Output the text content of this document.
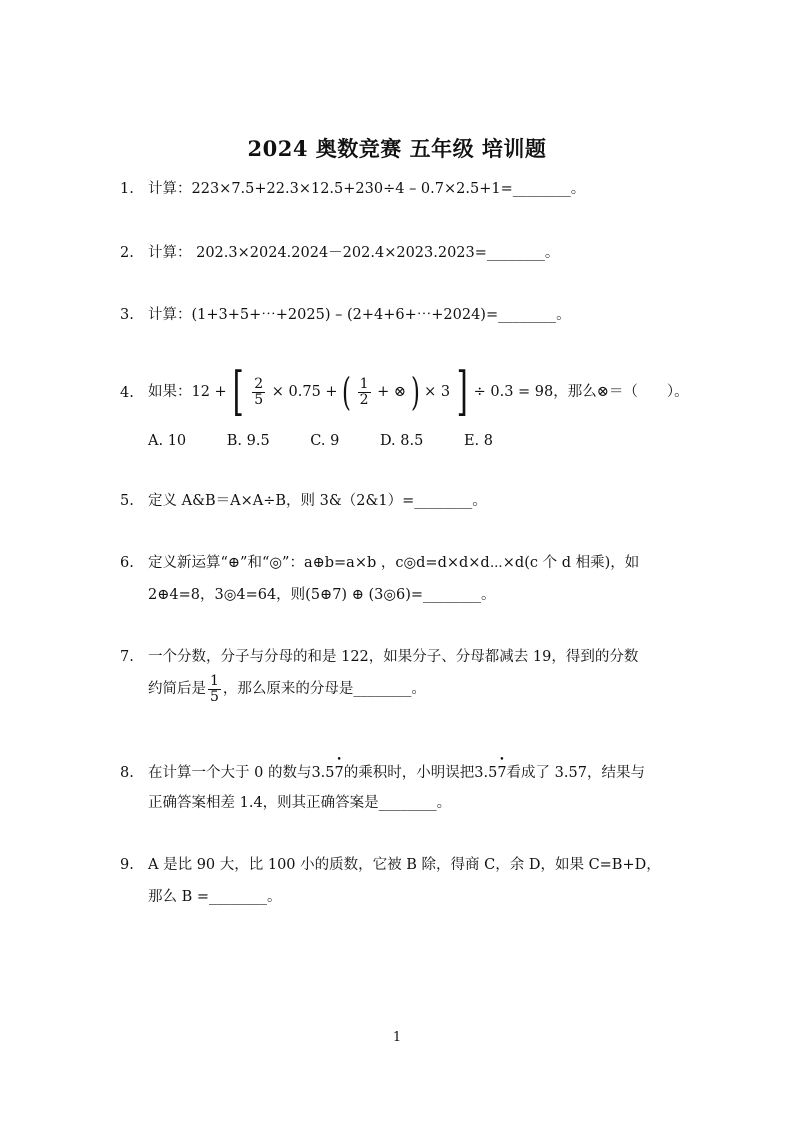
2024 奥数竞赛 五年级 培训题
1. 计算：223×7.5+22.3×12.5+230÷4 – 0.7×2.5+1=________。
2. 计算： 202.3×2024.2024－202.4×2023.2023=________。
3. 计算：(1+3+5+⋯+2025) – (2+4+6+⋯+2024)=________。
4. 如果：12 + [ $\frac{2}{5} \times 0.75$ + ( $\frac{1}{2}$ + ⊗ ) × 3 ] ÷ 0.3 = 98，那么⊗＝（　　）。
A. 10	B. 9.5	C. 9	D. 8.5	E. 8
5. 定义 A&B＝A×A÷B，则 3&（2&1）=________。
6. 定义新运算“⊕”和“◎”：a⊕b=a×b ，c◎d=d×d×d⋯×d(c 个 d 相乘)，如
2⊕4=8，3◎4=64，则(5⊕7) ⊕ (3◎6)=________。
7. 一个分数，分子与分母的和是 122，如果分子、分母都减去 19，得到的分数
约简后是 $\frac{1}{5}$ ，那么原来的分母是________。
8. 在计算一个大于 0 的数与3.5• 7的乘积时，小明误把3.5• 7看成了 3.57，结果与
正确答案相差 1.4，则其正确答案是________。
9. A 是比 90 大，比 100 小的质数，它被 B 除，得商 C，余 D，如果 C=B+D，
那么 B =________。
1
